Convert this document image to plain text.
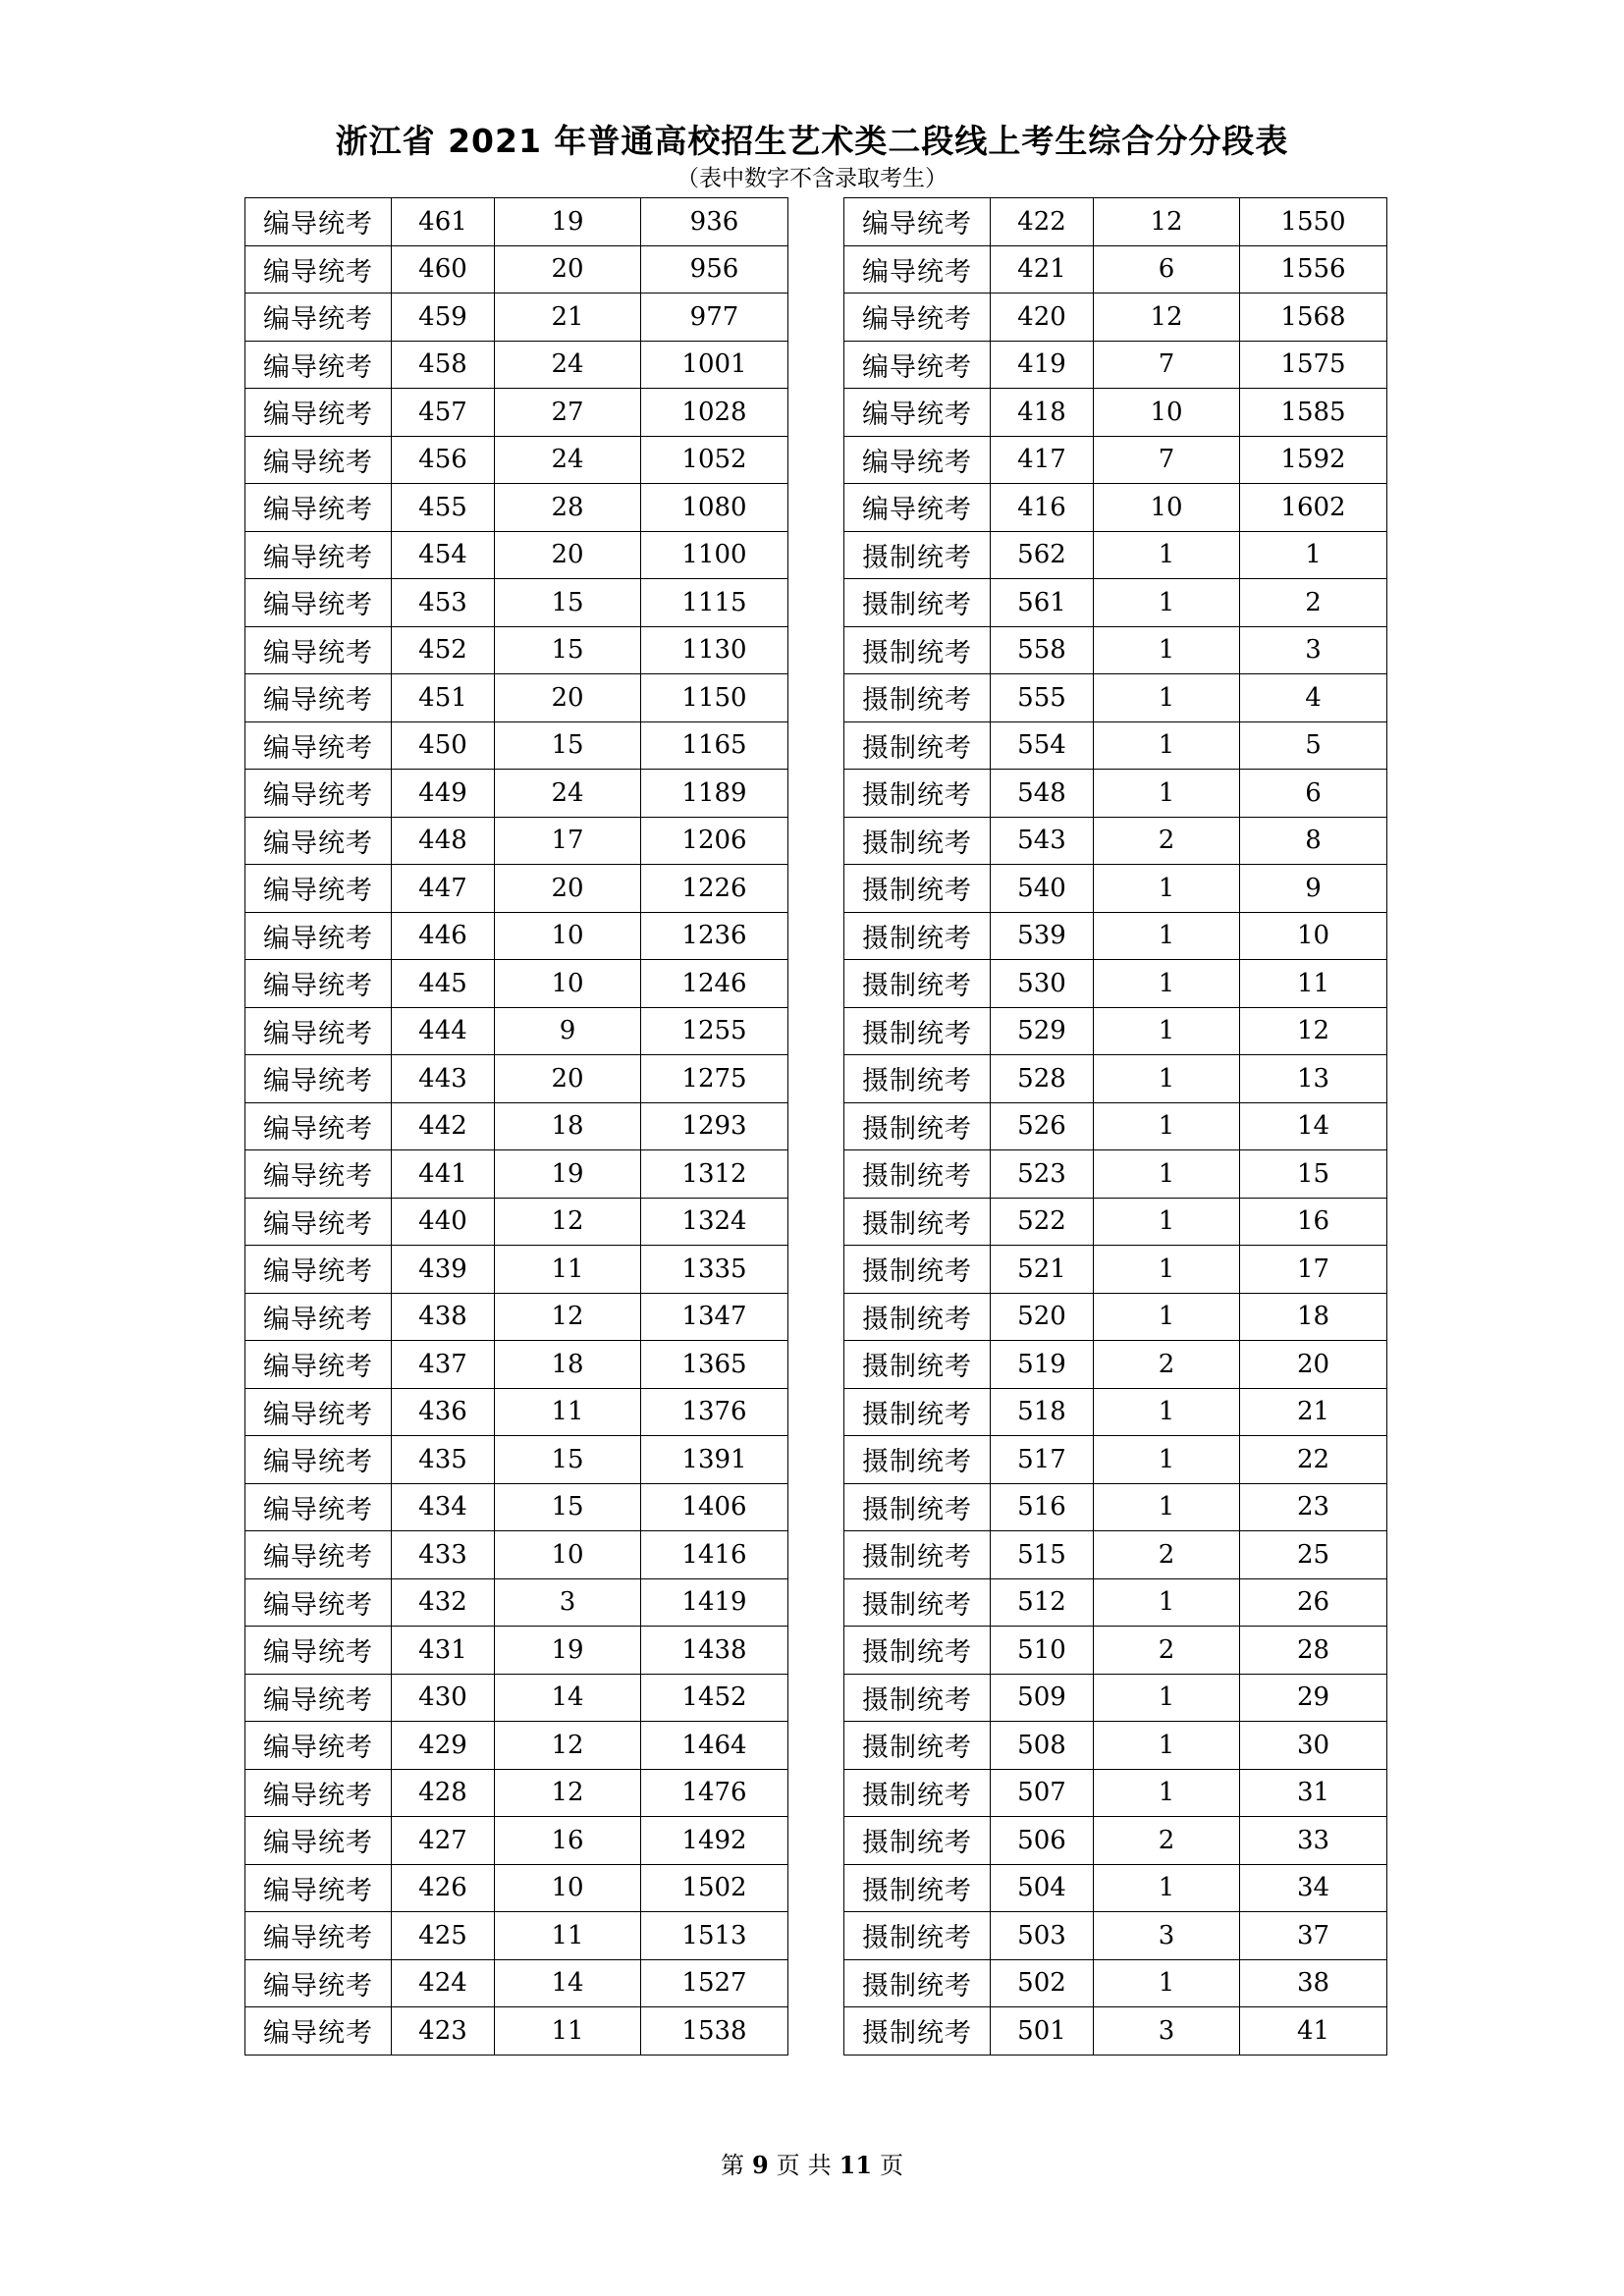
浙江省 2021 年普通高校招生艺术类二段线上考生综合分分段表
（表中数字不含录取考生）
编导统考	461	19	936
编导统考	460	20	956
编导统考	459	21	977
编导统考	458	24	1001
编导统考	457	27	1028
编导统考	456	24	1052
编导统考	455	28	1080
编导统考	454	20	1100
编导统考	453	15	1115
编导统考	452	15	1130
编导统考	451	20	1150
编导统考	450	15	1165
编导统考	449	24	1189
编导统考	448	17	1206
编导统考	447	20	1226
编导统考	446	10	1236
编导统考	445	10	1246
编导统考	444	9	1255
编导统考	443	20	1275
编导统考	442	18	1293
编导统考	441	19	1312
编导统考	440	12	1324
编导统考	439	11	1335
编导统考	438	12	1347
编导统考	437	18	1365
编导统考	436	11	1376
编导统考	435	15	1391
编导统考	434	15	1406
编导统考	433	10	1416
编导统考	432	3	1419
编导统考	431	19	1438
编导统考	430	14	1452
编导统考	429	12	1464
编导统考	428	12	1476
编导统考	427	16	1492
编导统考	426	10	1502
编导统考	425	11	1513
编导统考	424	14	1527
编导统考	423	11	1538
编导统考	422	12	1550
编导统考	421	6	1556
编导统考	420	12	1568
编导统考	419	7	1575
编导统考	418	10	1585
编导统考	417	7	1592
编导统考	416	10	1602
摄制统考	562	1	1
摄制统考	561	1	2
摄制统考	558	1	3
摄制统考	555	1	4
摄制统考	554	1	5
摄制统考	548	1	6
摄制统考	543	2	8
摄制统考	540	1	9
摄制统考	539	1	10
摄制统考	530	1	11
摄制统考	529	1	12
摄制统考	528	1	13
摄制统考	526	1	14
摄制统考	523	1	15
摄制统考	522	1	16
摄制统考	521	1	17
摄制统考	520	1	18
摄制统考	519	2	20
摄制统考	518	1	21
摄制统考	517	1	22
摄制统考	516	1	23
摄制统考	515	2	25
摄制统考	512	1	26
摄制统考	510	2	28
摄制统考	509	1	29
摄制统考	508	1	30
摄制统考	507	1	31
摄制统考	506	2	33
摄制统考	504	1	34
摄制统考	503	3	37
摄制统考	502	1	38
摄制统考	501	3	41
第 9 页 共 11 页
